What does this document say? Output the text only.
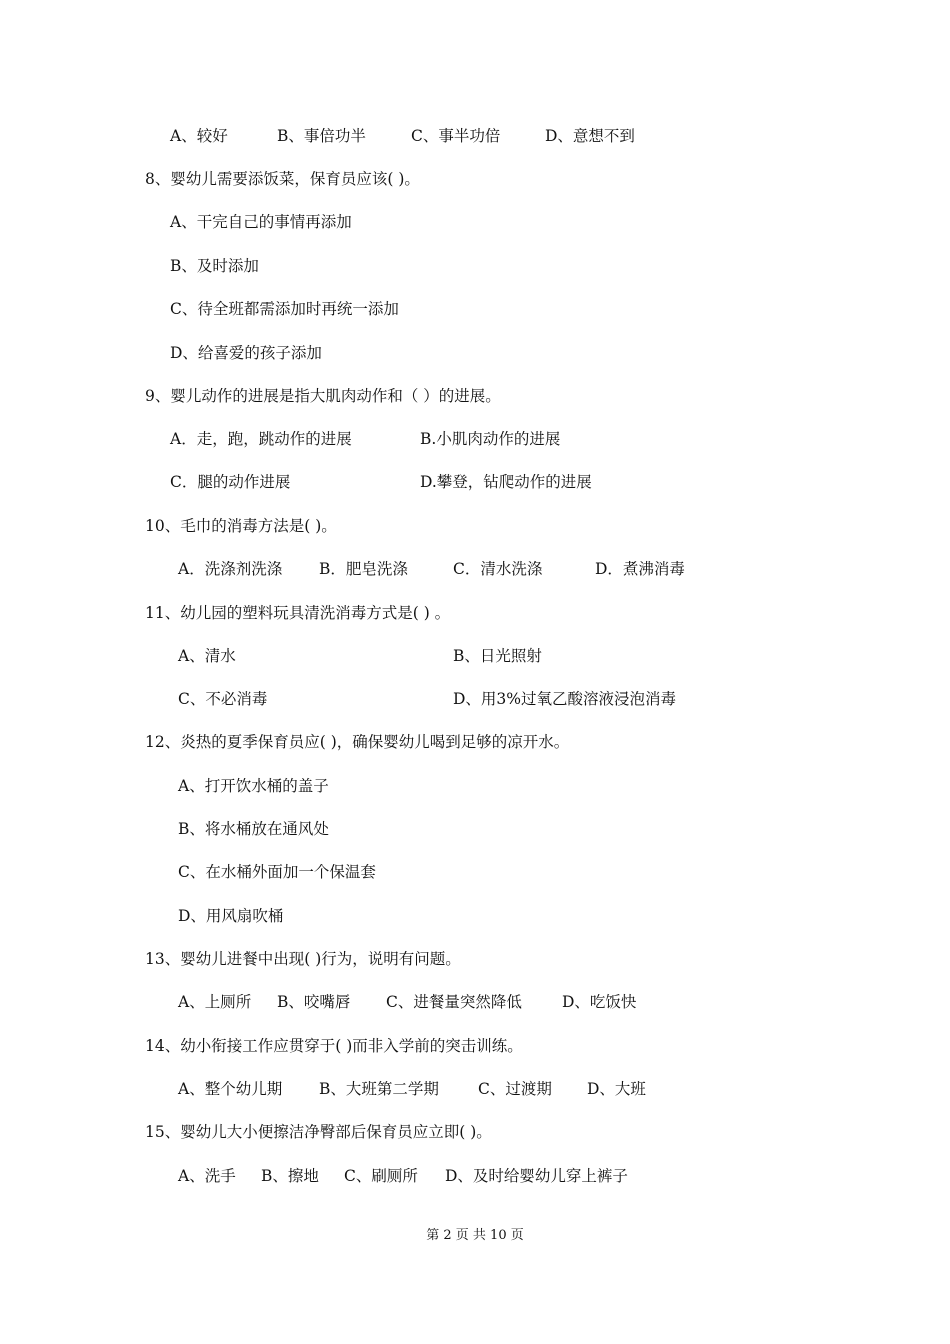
A、较好	B、事倍功半	C、事半功倍	D、意想不到
8、婴幼儿需要添饭菜，保育员应该( )。
A、干完自己的事情再添加
B、及时添加
C、待全班都需添加时再统一添加
D、给喜爱的孩子添加
9、婴儿动作的进展是指大肌肉动作和（ ）的进展。
A．走，跑，跳动作的进展	B.小肌肉动作的进展
C．腿的动作进展	D.攀登，钻爬动作的进展
10、毛巾的消毒方法是( )。
A．洗涤剂洗涤 B．肥皂洗涤	C．清水洗涤	D．煮沸消毒
11、幼儿园的塑料玩具清洗消毒方式是( ) 。
A、清水	B、日光照射
C、不必消毒	D、用3%过氧乙酸溶液浸泡消毒
12、炎热的夏季保育员应( )，确保婴幼儿喝到足够的凉开水。
A、打开饮水桶的盖子
B、将水桶放在通风处
C、在水桶外面加一个保温套
D、用风扇吹桶
13、婴幼儿进餐中出现( )行为，说明有问题。
A、上厕所 B、咬嘴唇 C、进餐量突然降低	D、吃饭快
14、幼小衔接工作应贯穿于( )而非入学前的突击训练。
A、整个幼儿期 B、大班第二学期	C、过渡期 D、大班
15、婴幼儿大小便擦洁净臀部后保育员应立即( )。
A、洗手 B、擦地 C、刷厕所 D、及时给婴幼儿穿上裤子
第 2 页 共 10 页
